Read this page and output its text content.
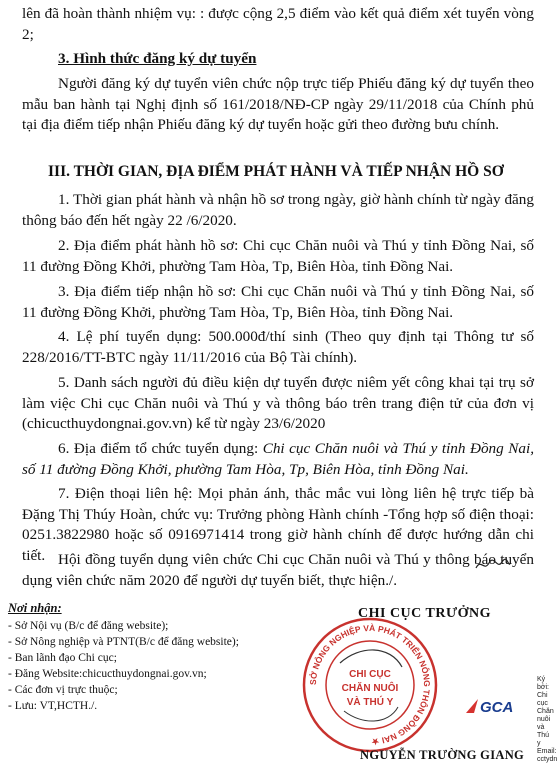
lên đã hoàn thành nhiệm vụ: : được cộng 2,5 điểm vào kết quả điểm xét tuyển vòng 2;

3. Hình thức đăng ký dự tuyển

Người đăng ký dự tuyển viên chức nộp trực tiếp Phiếu đăng ký dự tuyển theo mẫu ban hành tại Nghị định số 161/2018/NĐ-CP ngày 29/11/2018 của Chính phủ tại địa điểm tiếp nhận Phiếu đăng ký dự tuyển hoặc gửi theo đường bưu chính.

III. THỜI GIAN, ĐỊA ĐIỂM PHÁT HÀNH VÀ TIẾP NHẬN HỒ SƠ

1. Thời gian phát hành và nhận hồ sơ trong ngày, giờ hành chính từ ngày đăng thông báo đến hết ngày 22 /6/2020.

2. Địa điểm phát hành hồ sơ: Chi cục Chăn nuôi và Thú y tỉnh Đồng Nai, số 11 đường Đồng Khởi, phường Tam Hòa, Tp, Biên Hòa, tỉnh Đồng Nai.

3. Địa điểm tiếp nhận hồ sơ: Chi cục Chăn nuôi và Thú y tỉnh Đồng Nai, số 11 đường Đồng Khởi, phường Tam Hòa, Tp, Biên Hòa, tỉnh Đồng Nai.

4. Lệ phí tuyển dụng: 500.000đ/thí sinh (Theo quy định tại Thông tư số 228/2016/TT-BTC ngày 11/11/2016 của Bộ Tài chính).

5. Danh sách người đủ điều kiện dự tuyển được niêm yết công khai tại trụ sở làm việc Chi cục Chăn nuôi và Thú y và thông báo trên trang điện tử của đơn vị (chicucthuydongnai.gov.vn) kể từ ngày 23/6/2020

6. Địa điểm tổ chức tuyển dụng: Chi cục Chăn nuôi và Thú y tỉnh Đồng Nai, số 11 đường Đồng Khởi, phường Tam Hòa, Tp, Biên Hòa, tỉnh Đồng Nai.

7. Điện thoại liên hệ: Mọi phản ánh, thắc mắc vui lòng liên hệ trực tiếp bà Đặng Thị Thúy Hoàn, chức vụ: Trưởng phòng Hành chính -Tổng hợp số điện thoại: 0251.3822980 hoặc số 0916971414 trong giờ hành chính để được hướng dẫn chi tiết. Hội đồng tuyển dụng viên chức Chi cục Chăn nuôi và Thú y thông báo tuyển dụng viên chức năm 2020 để người dự tuyển biết, thực hiện./.

Nơi nhận:
- Sở Nội vụ (B/c để đăng website);
- Sở Nông nghiệp và PTNT(B/c để đăng website);
- Ban lãnh đạo Chi cục;
- Đăng Website:chicucthuydongnai.gov.vn;
- Các đơn vị trực thuộc;
- Lưu: VT,HCTH./.
CHI CỤC TRƯỞNG
SỞ NÔNG NGHIỆP VÀ PHÁT TRIỂN NÔNG THÔN ĐỒNG NAI ★
CHI CỤC
CHĂN NUÔI
VÀ THÚ Y
NGUYỄN TRƯỜNG GIANG
GCA
Ký
bởi:
Chi
cục
Chăn
nuôi
và
Thú
y
Email:
cctydn
